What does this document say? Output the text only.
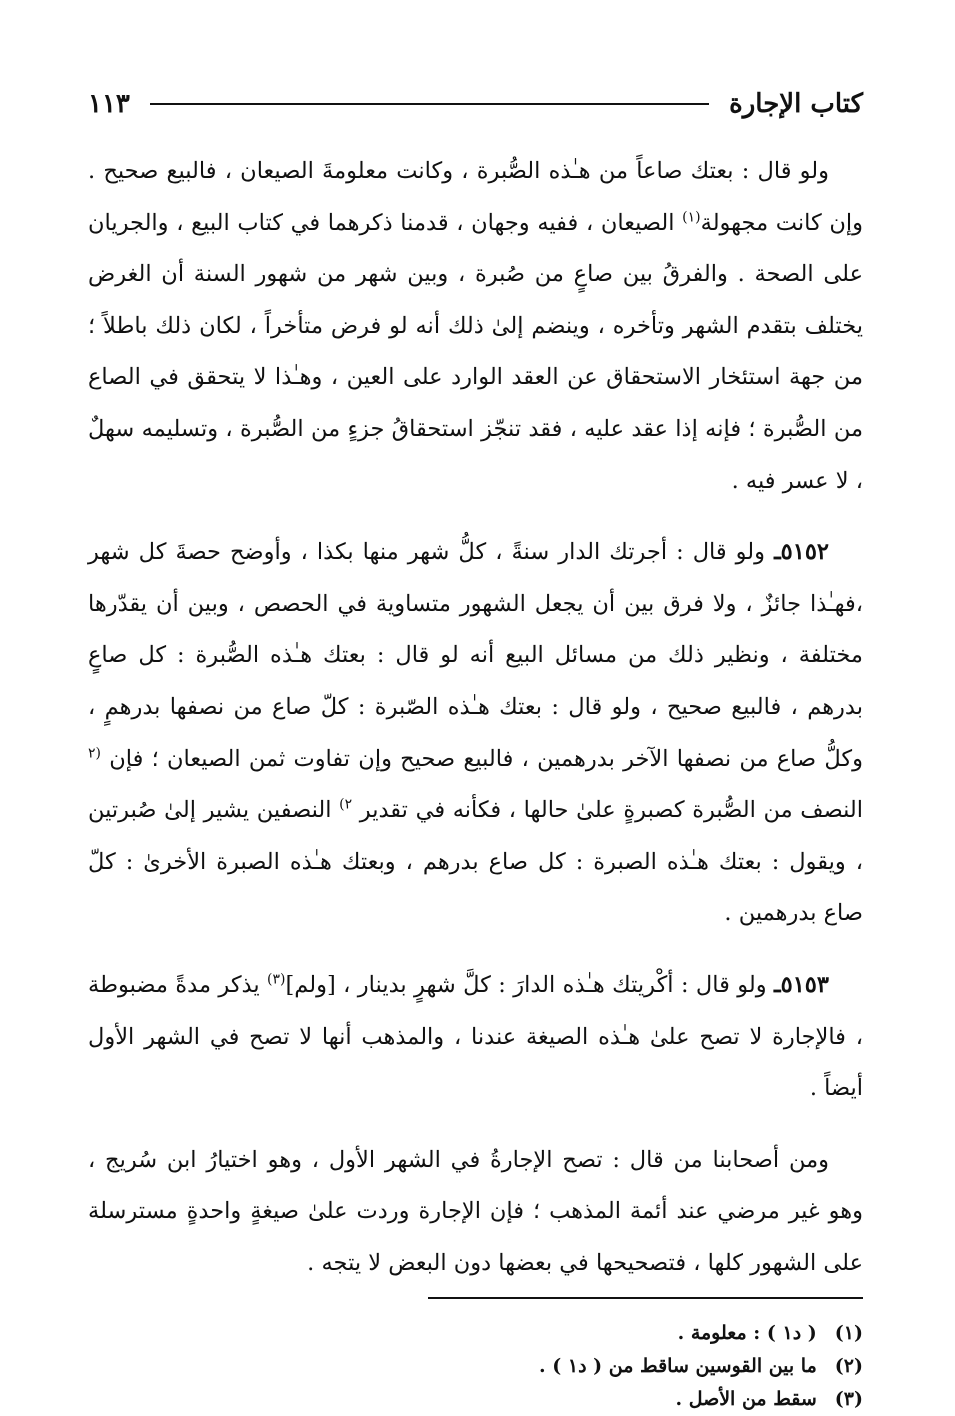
كتاب الإجارة
١١٣

ولو قال : بعتك صاعاً من هـٰذه الصُّبرة ، وكانت معلومةَ الصيعان ، فالبيع صحيح . وإن كانت مجهولة$^{(١)}$ الصيعان ، ففيه وجهان ، قدمنا ذكرهما في كتاب البيع ، والجريان على الصحة . والفرقُ بين صاعٍ من صُبرة ، وبين شهر من شهور السنة أن الغرض يختلف بتقدم الشهر وتأخره ، وينضم إلىٰ ذلك أنه لو فرض متأخراً ، لكان ذلك باطلاً ؛ من جهة استئخار الاستحقاق عن العقد الوارد على العين ، وهـٰذا لا يتحقق في الصاع من الصُّبرة ؛ فإنه إذا عقد عليه ، فقد تنجّز استحقاقُ جزءٍ من الصُّبرة ، وتسليمه سهلٌ ، لا عسر فيه .

٥١٥٢ـ ولو قال : أجرتك الدار سنةً ، كلُّ شهر منها بكذا ، وأوضح حصةَ كل شهر ،فهـٰذا جائزٌ ، ولا فرق بين أن يجعل الشهور متساوية في الحصص ، وبين أن يقدّرها مختلفة ، ونظير ذلك من مسائل البيع أنه لو قال : بعتك هـٰذه الصُّبرة : كل صاعٍ بدرهم ، فالبيع صحيح ، ولو قال : بعتك هـٰذه الصّبرة : كلّ صاع من نصفها بدرهمٍ ، وكلُّ صاع من نصفها الآخر بدرهمين ، فالبيع صحيح وإن تفاوت ثمن الصيعان ؛ فإن $^{(٢}$ النصف من الصُّبرة كصبرةٍ علىٰ حالها ، فكأنه في تقدير $^{٢)}$ النصفين يشير إلىٰ صُبرتين ، ويقول : بعتك هـٰذه الصبرة : كل صاع بدرهم ، وبعتك هـٰذه الصبرة الأخرىٰ : كلّ صاع بدرهمين .

٥١٥٣ـ ولو قال : أكْريتك هـٰذه الدارَ : كلَّ شهرٍ بدينار ، [ولم]$^{(٣)}$ يذكر مدةً مضبوطة ، فالإجارة لا تصح علىٰ هـٰذه الصيغة عندنا ، والمذهب أنها لا تصح في الشهر الأول أيضاً .

ومن أصحابنا من قال : تصح الإجارةُ في الشهر الأول ، وهو اختيارُ ابن سُريج ، وهو غير مرضي عند أئمة المذهب ؛ فإن الإجارة وردت علىٰ صيغةٍ واحدةٍ مسترسلة على الشهور كلها ، فتصحيحها في بعضها دون البعض لا يتجه .

(١)
( د١ ) : معلومة .
(٢)
ما بين القوسين ساقط من ( د١ ) .
(٣)
سقط من الأصل .
